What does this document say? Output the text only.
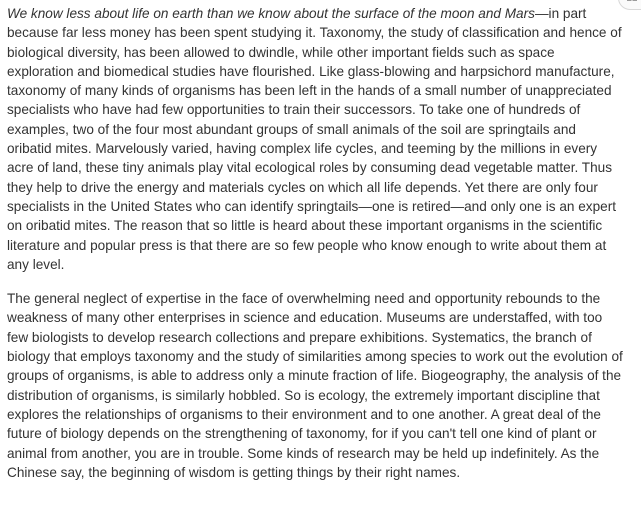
We know less about life on earth than we know about the surface of the moon and Mars—in part because far less money has been spent studying it. Taxonomy, the study of classification and hence of biological diversity, has been allowed to dwindle, while other important fields such as space exploration and biomedical studies have flourished. Like glass-blowing and harpsichord manufacture, taxonomy of many kinds of organisms has been left in the hands of a small number of unappreciated specialists who have had few opportunities to train their successors. To take one of hundreds of examples, two of the four most abundant groups of small animals of the soil are springtails and oribatid mites. Marvelously varied, having complex life cycles, and teeming by the millions in every acre of land, these tiny animals play vital ecological roles by consuming dead vegetable matter. Thus they help to drive the energy and materials cycles on which all life depends. Yet there are only four specialists in the United States who can identify springtails—one is retired—and only one is an expert on oribatid mites. The reason that so little is heard about these important organisms in the scientific literature and popular press is that there are so few people who know enough to write about them at any level.

The general neglect of expertise in the face of overwhelming need and opportunity rebounds to the weakness of many other enterprises in science and education. Museums are understaffed, with too few biologists to develop research collections and prepare exhibitions. Systematics, the branch of biology that employs taxonomy and the study of similarities among species to work out the evolution of groups of organisms, is able to address only a minute fraction of life. Biogeography, the analysis of the distribution of organisms, is similarly hobbled. So is ecology, the extremely important discipline that explores the relationships of organisms to their environment and to one another. A great deal of the future of biology depends on the strengthening of taxonomy, for if you can't tell one kind of plant or animal from another, you are in trouble. Some kinds of research may be held up indefinitely. As the Chinese say, the beginning of wisdom is getting things by their right names.
